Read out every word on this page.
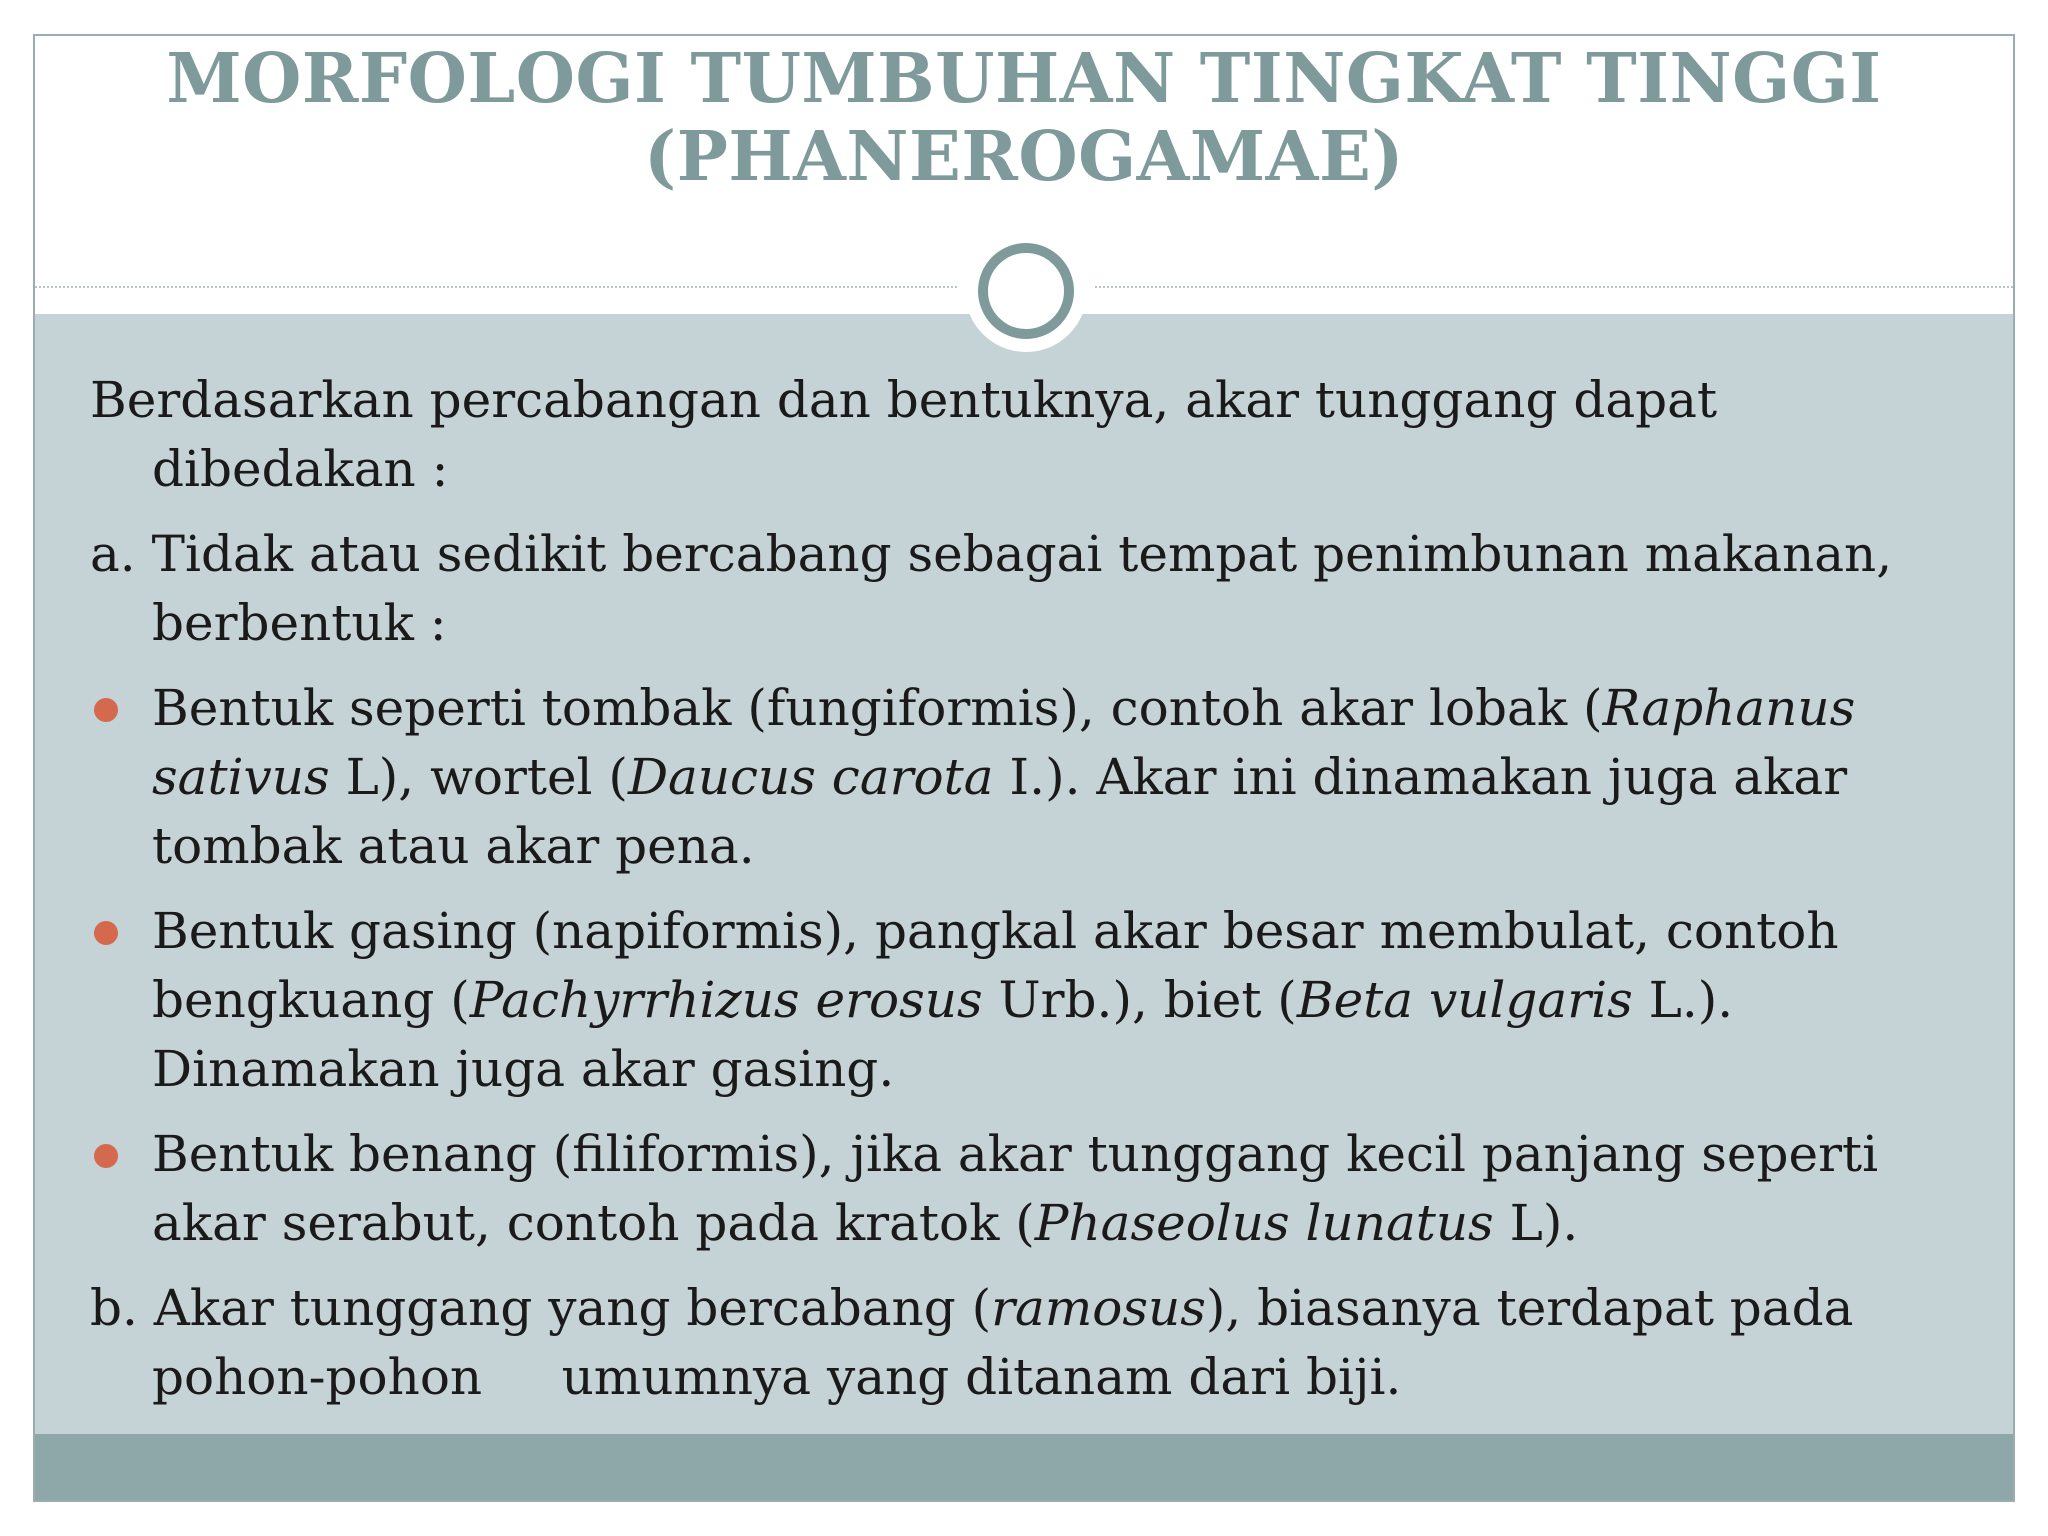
MORFOLOGI TUMBUHAN TINGKAT TINGGI
(PHANEROGAMAE)

Berdasarkan percabangan dan bentuknya, akar tunggang dapat dibedakan :

a. Tidak atau sedikit bercabang sebagai tempat penimbunan makanan, berbentuk :

Bentuk seperti tombak (fungiformis), contoh akar lobak (Raphanus sativus L), wortel (Daucus carota I.). Akar ini dinamakan juga akar tombak atau akar pena.
Bentuk gasing (napiformis), pangkal akar besar membulat, contoh bengkuang (Pachyrrhizus erosus Urb.), biet (Beta vulgaris L.). Dinamakan juga akar gasing.
Bentuk benang (filiformis), jika akar tunggang kecil panjang seperti akar serabut, contoh pada kratok (Phaseolus lunatus L).

b. Akar tunggang yang bercabang (ramosus), biasanya terdapat pada pohon-pohon     umumnya yang ditanam dari biji.
